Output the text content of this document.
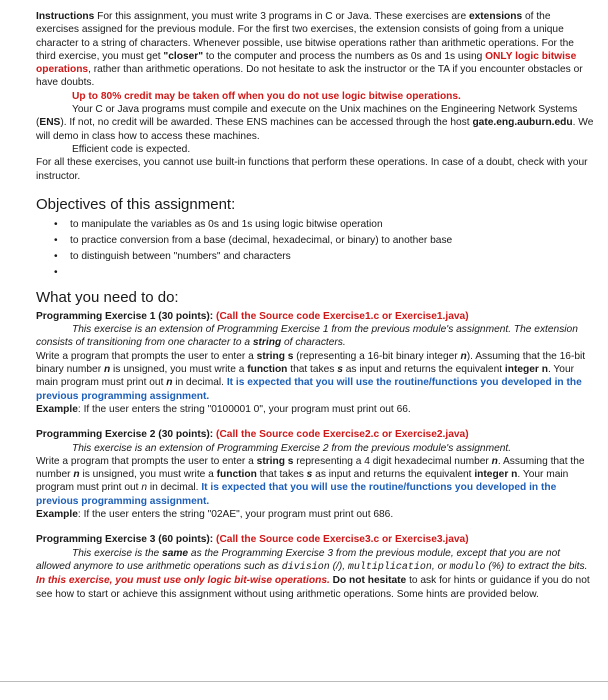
Instructions For this assignment, you must write 3 programs in C or Java. These exercises are extensions of the exercises assigned for the previous module. For the first two exercises, the extension consists of going from a unique character to a string of characters. Whenever possible, use bitwise operations rather than arithmetic operations. For the third exercise, you must get "closer" to the computer and process the numbers as 0s and 1s using ONLY logic bitwise operations, rather than arithmetic operations. Do not hesitate to ask the instructor or the TA if you encounter obstacles or have doubts.

Up to 80% credit may be taken off when you do not use logic bitwise operations.

Your C or Java programs must compile and execute on the Unix machines on the Engineering Network Systems (ENS). If not, no credit will be awarded. These ENS machines can be accessed through the host gate.eng.auburn.edu. We will demo in class how to access these machines.

Efficient code is expected.

For all these exercises, you cannot use built-in functions that perform these operations. In case of a doubt, check with your instructor.

Objectives of this assignment:
• to manipulate the variables as 0s and 1s using logic bitwise operation
• to practice conversion from a base (decimal, hexadecimal, or binary) to another base
• to distinguish between "numbers" and characters
•
What you need to do:

Programming Exercise 1 (30 points): (Call the Source code Exercise1.c or Exercise1.java)

This exercise is an extension of Programming Exercise 1 from the previous module's assignment. The extension consists of transitioning from one character to a string of characters.

Write a program that prompts the user to enter a string s (representing a 16-bit binary integer n). Assuming that the 16-bit binary number n is unsigned, you must write a function that takes s as input and returns the equivalent integer n. Your main program must print out n in decimal. It is expected that you will use the routine/functions you developed in the previous programming assignment.

Example: If the user enters the string "0100001 0", your program must print out 66.

Programming Exercise 2 (30 points): (Call the Source code Exercise2.c or Exercise2.java)

This exercise is an extension of Programming Exercise 2 from the previous module's assignment.

Write a program that prompts the user to enter a string s representing a 4 digit hexadecimal number n. Assuming that the number n is unsigned, you must write a function that takes s as input and returns the equivalent integer n. Your main program must print out n in decimal. It is expected that you will use the routine/functions you developed in the previous programming assignment.

Example: If the user enters the string "02AE", your program must print out 686.

Programming Exercise 3 (60 points): (Call the Source code Exercise3.c or Exercise3.java)

This exercise is the same as the Programming Exercise 3 from the previous module, except that you are not allowed anymore to use arithmetic operations such as division (/), multiplication, or modulo (%) to extract the bits. In this exercise, you must use only logic bit-wise operations. Do not hesitate to ask for hints or guidance if you do not see how to start or achieve this assignment without using arithmetic operations. Some hints are provided below.
